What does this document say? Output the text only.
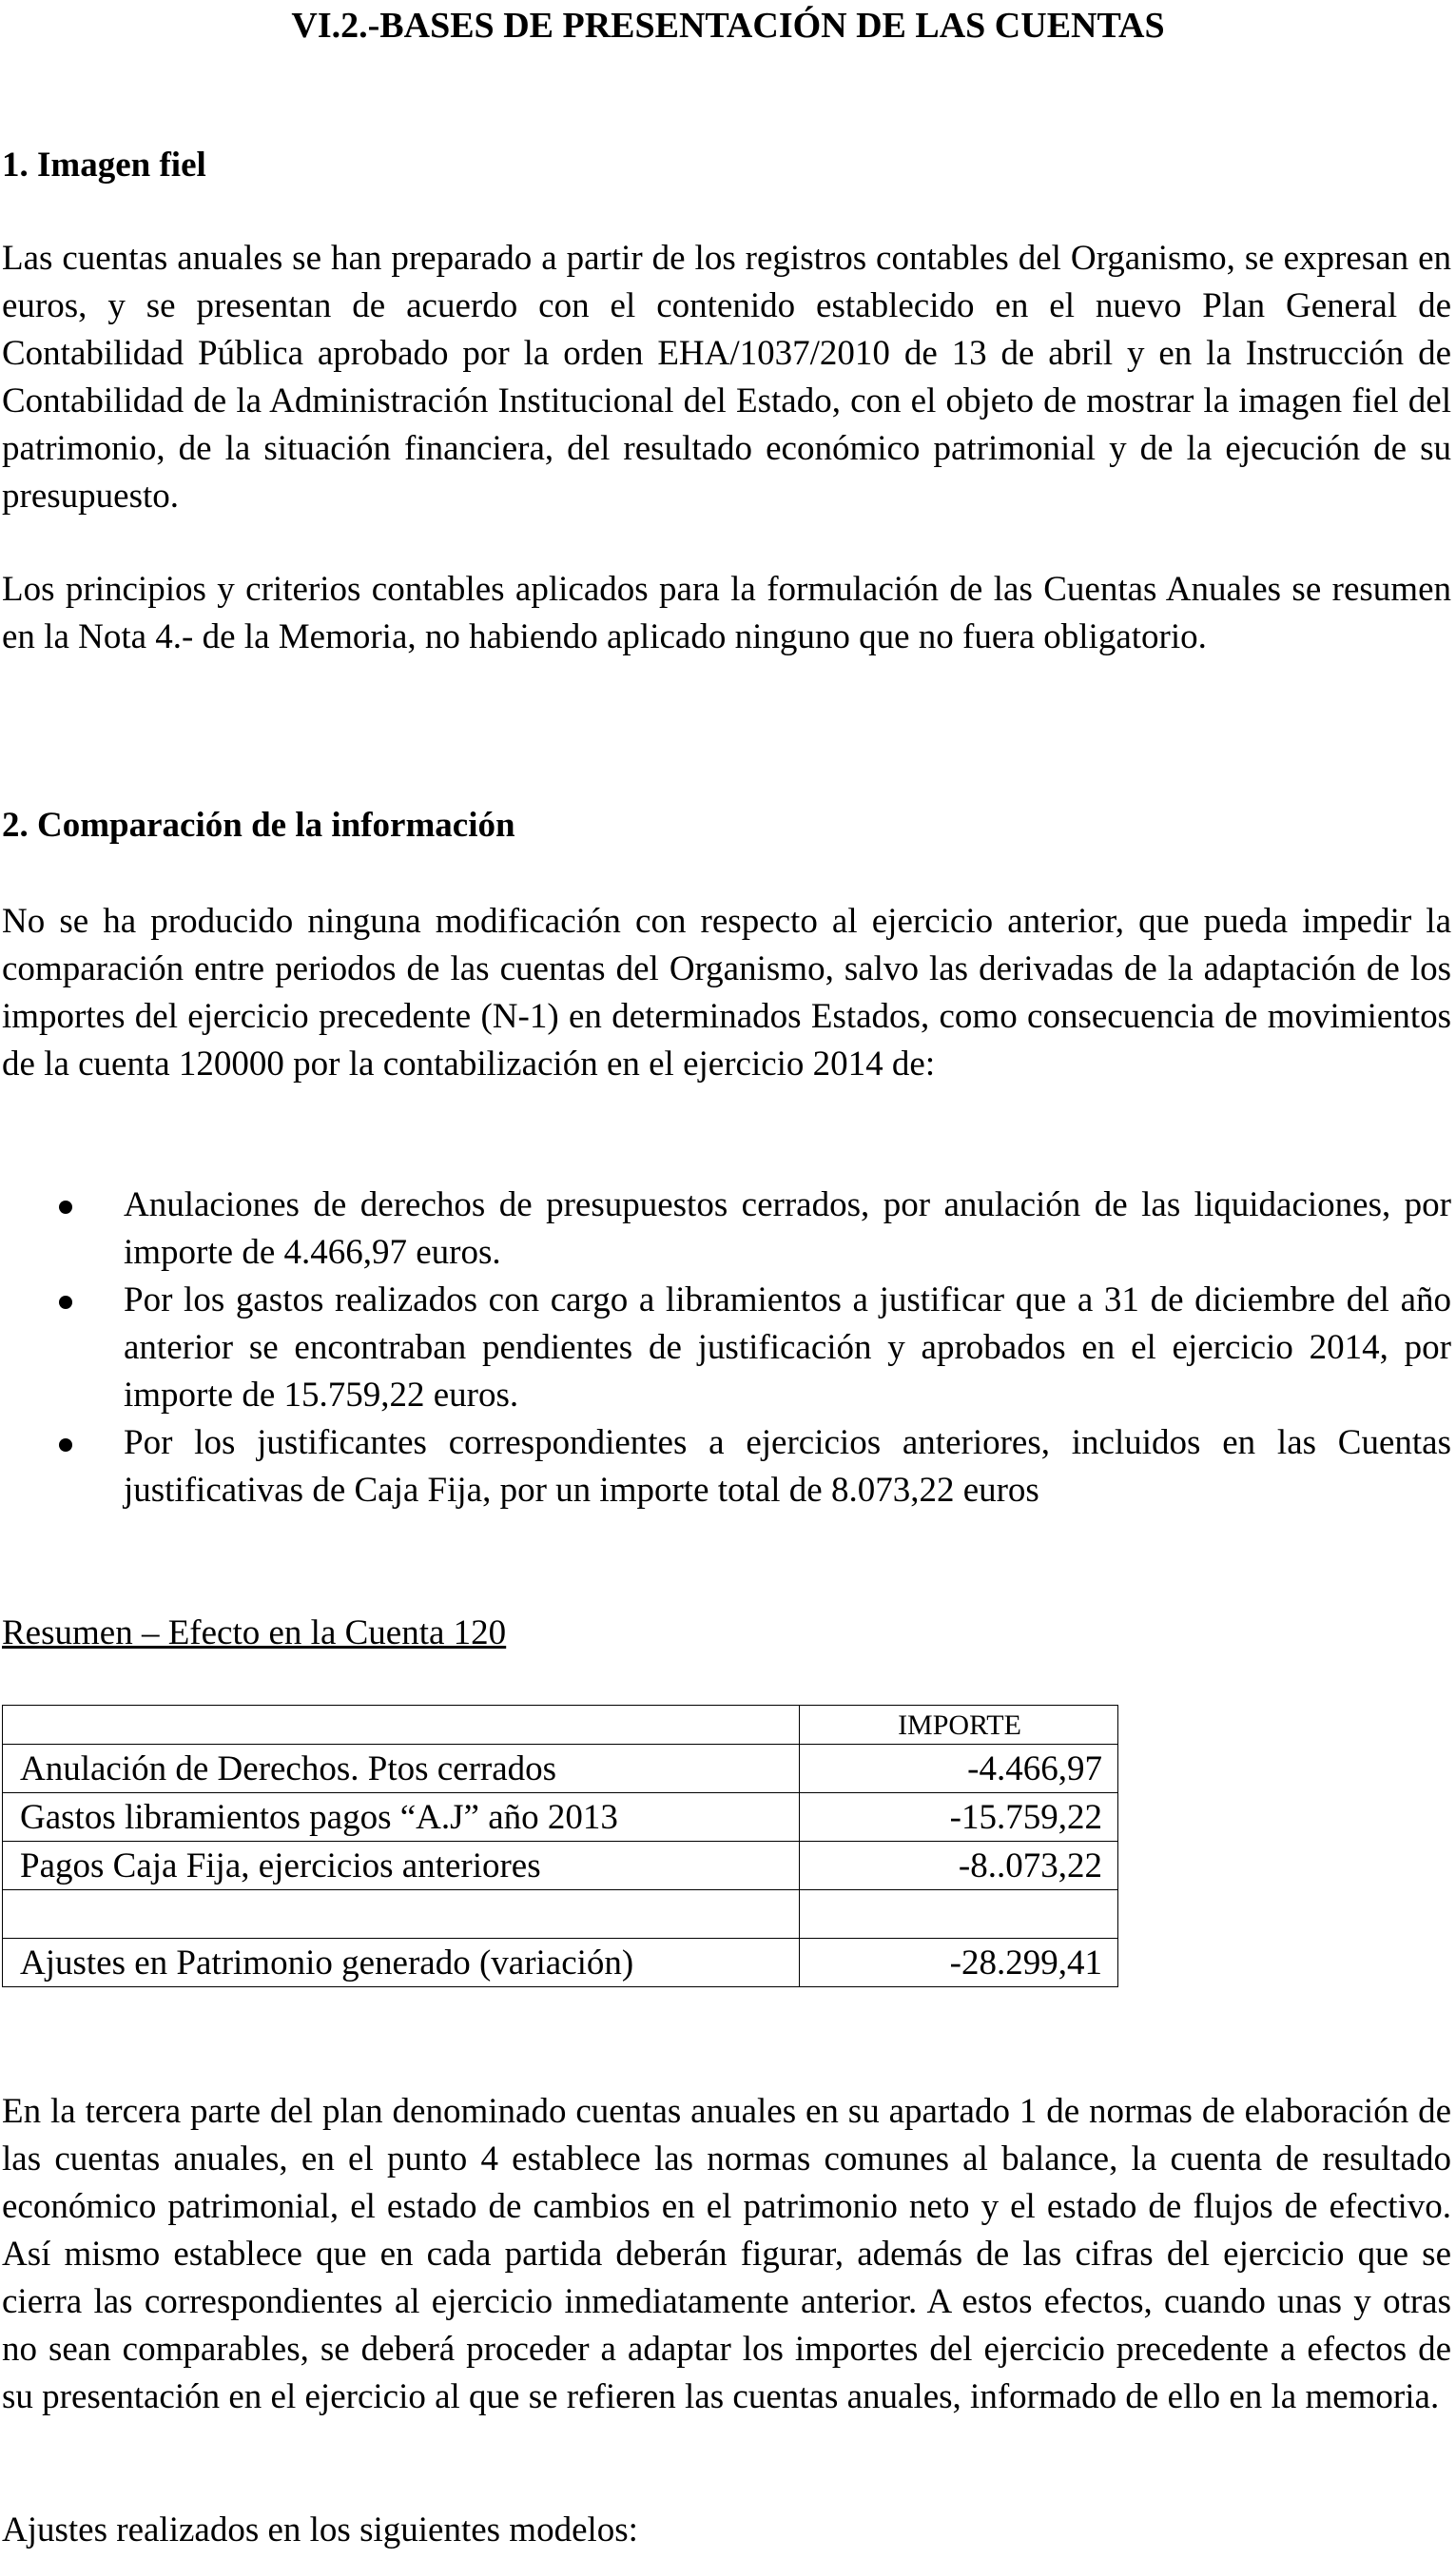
VI.2.-BASES DE PRESENTACIÓN DE LAS CUENTAS
1. Imagen fiel

Las cuentas anuales se han preparado a partir de los registros contables del Organismo, se expresan en euros, y se presentan de acuerdo con el contenido establecido en el nuevo Plan General de Contabilidad Pública aprobado por la orden EHA/1037/2010 de 13 de abril y en la Instrucción de Contabilidad de la Administración Institucional del Estado, con el objeto de mostrar la imagen fiel del patrimonio, de la situación financiera, del resultado económico patrimonial y de la ejecución de su presupuesto.

Los principios y criterios contables aplicados para la formulación de las Cuentas Anuales se resumen en la Nota 4.- de la Memoria, no habiendo aplicado ninguno que no fuera obligatorio.

2. Comparación de la información

No se ha producido ninguna modificación con respecto al ejercicio anterior, que pueda impedir la comparación entre periodos de las cuentas del Organismo, salvo las derivadas de la adaptación de los importes del ejercicio precedente (N-1) en determinados Estados, como consecuencia de movimientos de la cuenta 120000 por la contabilización en el ejercicio 2014 de:

Anulaciones de derechos de presupuestos cerrados, por anulación de las liquidaciones, por importe de 4.466,97 euros.
Por los gastos realizados con cargo a libramientos a justificar que a 31 de diciembre del año anterior se encontraban pendientes de justificación y aprobados en el ejercicio 2014, por importe de 15.759,22 euros.
Por los justificantes correspondientes a ejercicios anteriores, incluidos en las Cuentas justificativas de Caja Fija, por un importe total de 8.073,22 euros
Resumen – Efecto en la Cuenta 120
	IMPORTE
Anulación de Derechos. Ptos cerrados	-4.466,97
Gastos libramientos pagos “A.J” año 2013	-15.759,22
Pagos Caja Fija, ejercicios anteriores	-8..073,22

Ajustes en Patrimonio generado (variación)	-28.299,41

En la tercera parte del plan denominado cuentas anuales en su apartado 1 de normas de elaboración de las cuentas anuales, en el punto 4 establece las normas comunes al balance, la cuenta de resultado económico patrimonial, el estado de cambios en el patrimonio neto y el estado de flujos de efectivo. Así mismo establece que en cada partida deberán figurar, además de las cifras del ejercicio que se cierra las correspondientes al ejercicio inmediatamente anterior. A estos efectos, cuando unas y otras no sean comparables, se deberá proceder a adaptar los importes del ejercicio precedente a efectos de su presentación en el ejercicio al que se refieren las cuentas anuales, informado de ello en la memoria.

Ajustes realizados en los siguientes modelos:
